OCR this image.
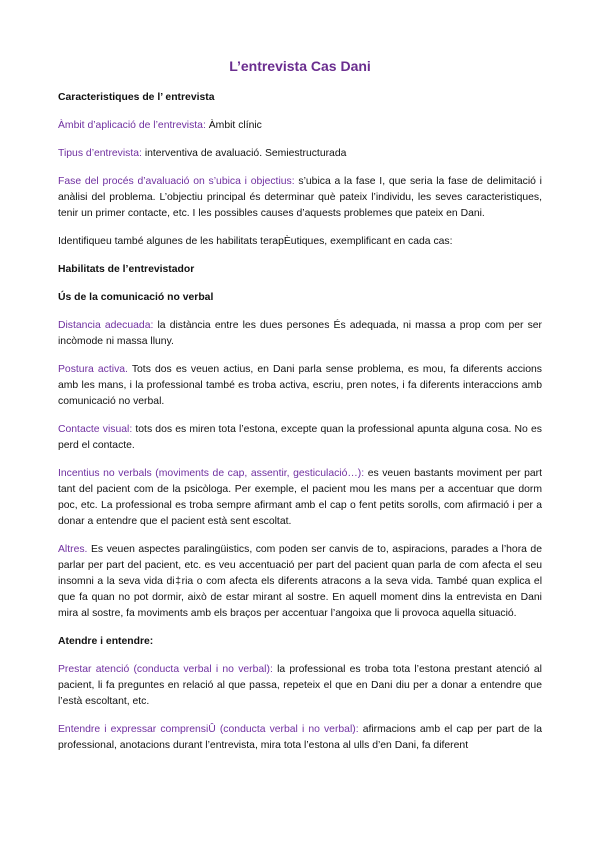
L’entrevista Cas Dani
Caracteristiques de l’ entrevista

Àmbit d’aplicació de l’entrevista: Àmbit clínic

Tipus d’entrevista: interventiva de avaluació. Semiestructurada

Fase del procés d’avaluació on s’ubica i objectius: s’ubica a la fase I, que seria la fase de delimitació i anàlisi del problema. L’objectiu principal és determinar què pateix l’individu, les seves caracteristiques, tenir un primer contacte, etc. I les possibles causes d’aquests problemes que pateix en Dani.

Identifiqueu també algunes de les habilitats terapÈutiques, exemplificant en cada cas:

Habilitats de l’entrevistador
Ús de la comunicació no verbal

Distancia adecuada: la distància entre les dues persones És adequada, ni massa a prop com per ser incòmode ni massa lluny.

Postura activa. Tots dos es veuen actius, en Dani parla sense problema, es mou, fa diferents accions amb les mans, i la professional també es troba activa, escriu, pren notes, i fa diferents interaccions amb comunicació no verbal.

Contacte visual: tots dos es miren tota l’estona, excepte quan la professional apunta alguna cosa. No es perd el contacte.

Incentius no verbals (moviments de cap, assentir, gesticulació…): es veuen bastants moviment per part tant del pacient com de la psicòloga. Per exemple, el pacient mou les mans per a accentuar que dorm poc, etc. La professional es troba sempre afirmant amb el cap o fent petits sorolls, com afirmació i per a donar a entendre que el pacient està sent escoltat.

Altres. Es veuen aspectes paralingüistics, com poden ser canvis de to, aspiracions, parades a l’hora de parlar per part del pacient, etc. es veu accentuació per part del pacient quan parla de com afecta el seu insomni a la seva vida di‡ria o com afecta els diferents atracons a la seva vida. També quan explica el que fa quan no pot dormir, això de estar mirant al sostre. En aquell moment dins la entrevista en Dani mira al sostre, fa moviments amb els braços per accentuar l’angoixa que li provoca aquella situació.

Atendre i entendre:

Prestar atenció (conducta verbal i no verbal): la professional es troba tota l’estona prestant atenció al pacient, li fa preguntes en relació al que passa, repeteix el que en Dani diu per a donar a entendre que l’està escoltant, etc.

Entendre i expressar comprensiÛ (conducta verbal i no verbal): afirmacions amb el cap per part de la professional, anotacions durant l’entrevista, mira tota l’estona al ulls d’en Dani, fa diferent
